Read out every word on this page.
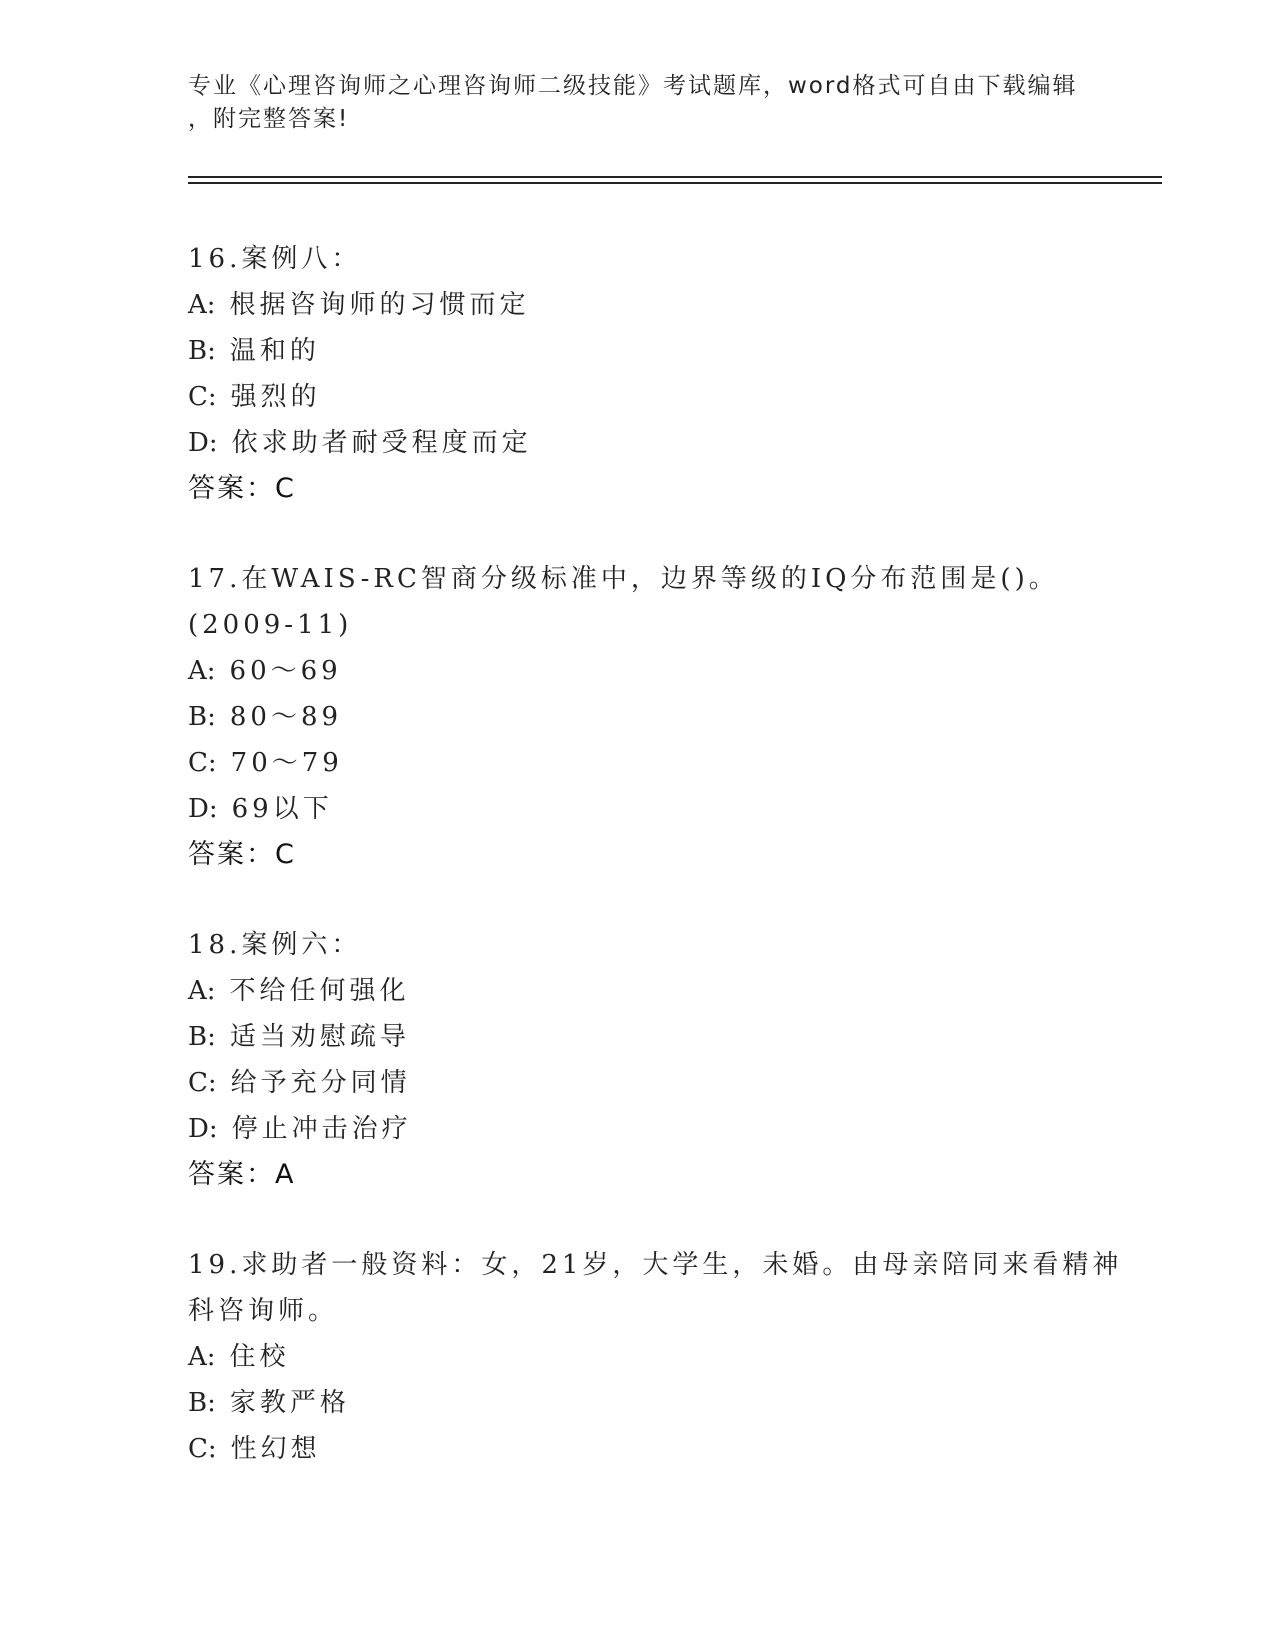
专业《心理咨询师之心理咨询师二级技能》考试题库，word格式可自由下载编辑
，附完整答案!
16.案例八：
A: 根据咨询师的习惯而定
B: 温和的
C: 强烈的
D: 依求助者耐受程度而定
答案：C
17.在WAIS-RC智商分级标准中，边界等级的IQ分布范围是()。
(2009-11)
A: 60～69
B: 80～89
C: 70～79
D: 69以下
答案：C
18.案例六：
A: 不给任何强化
B: 适当劝慰疏导
C: 给予充分同情
D: 停止冲击治疗
答案：A
19.求助者一般资料：女，21岁，大学生，未婚。由母亲陪同来看精神
科咨询师。
A: 住校
B: 家教严格
C: 性幻想
